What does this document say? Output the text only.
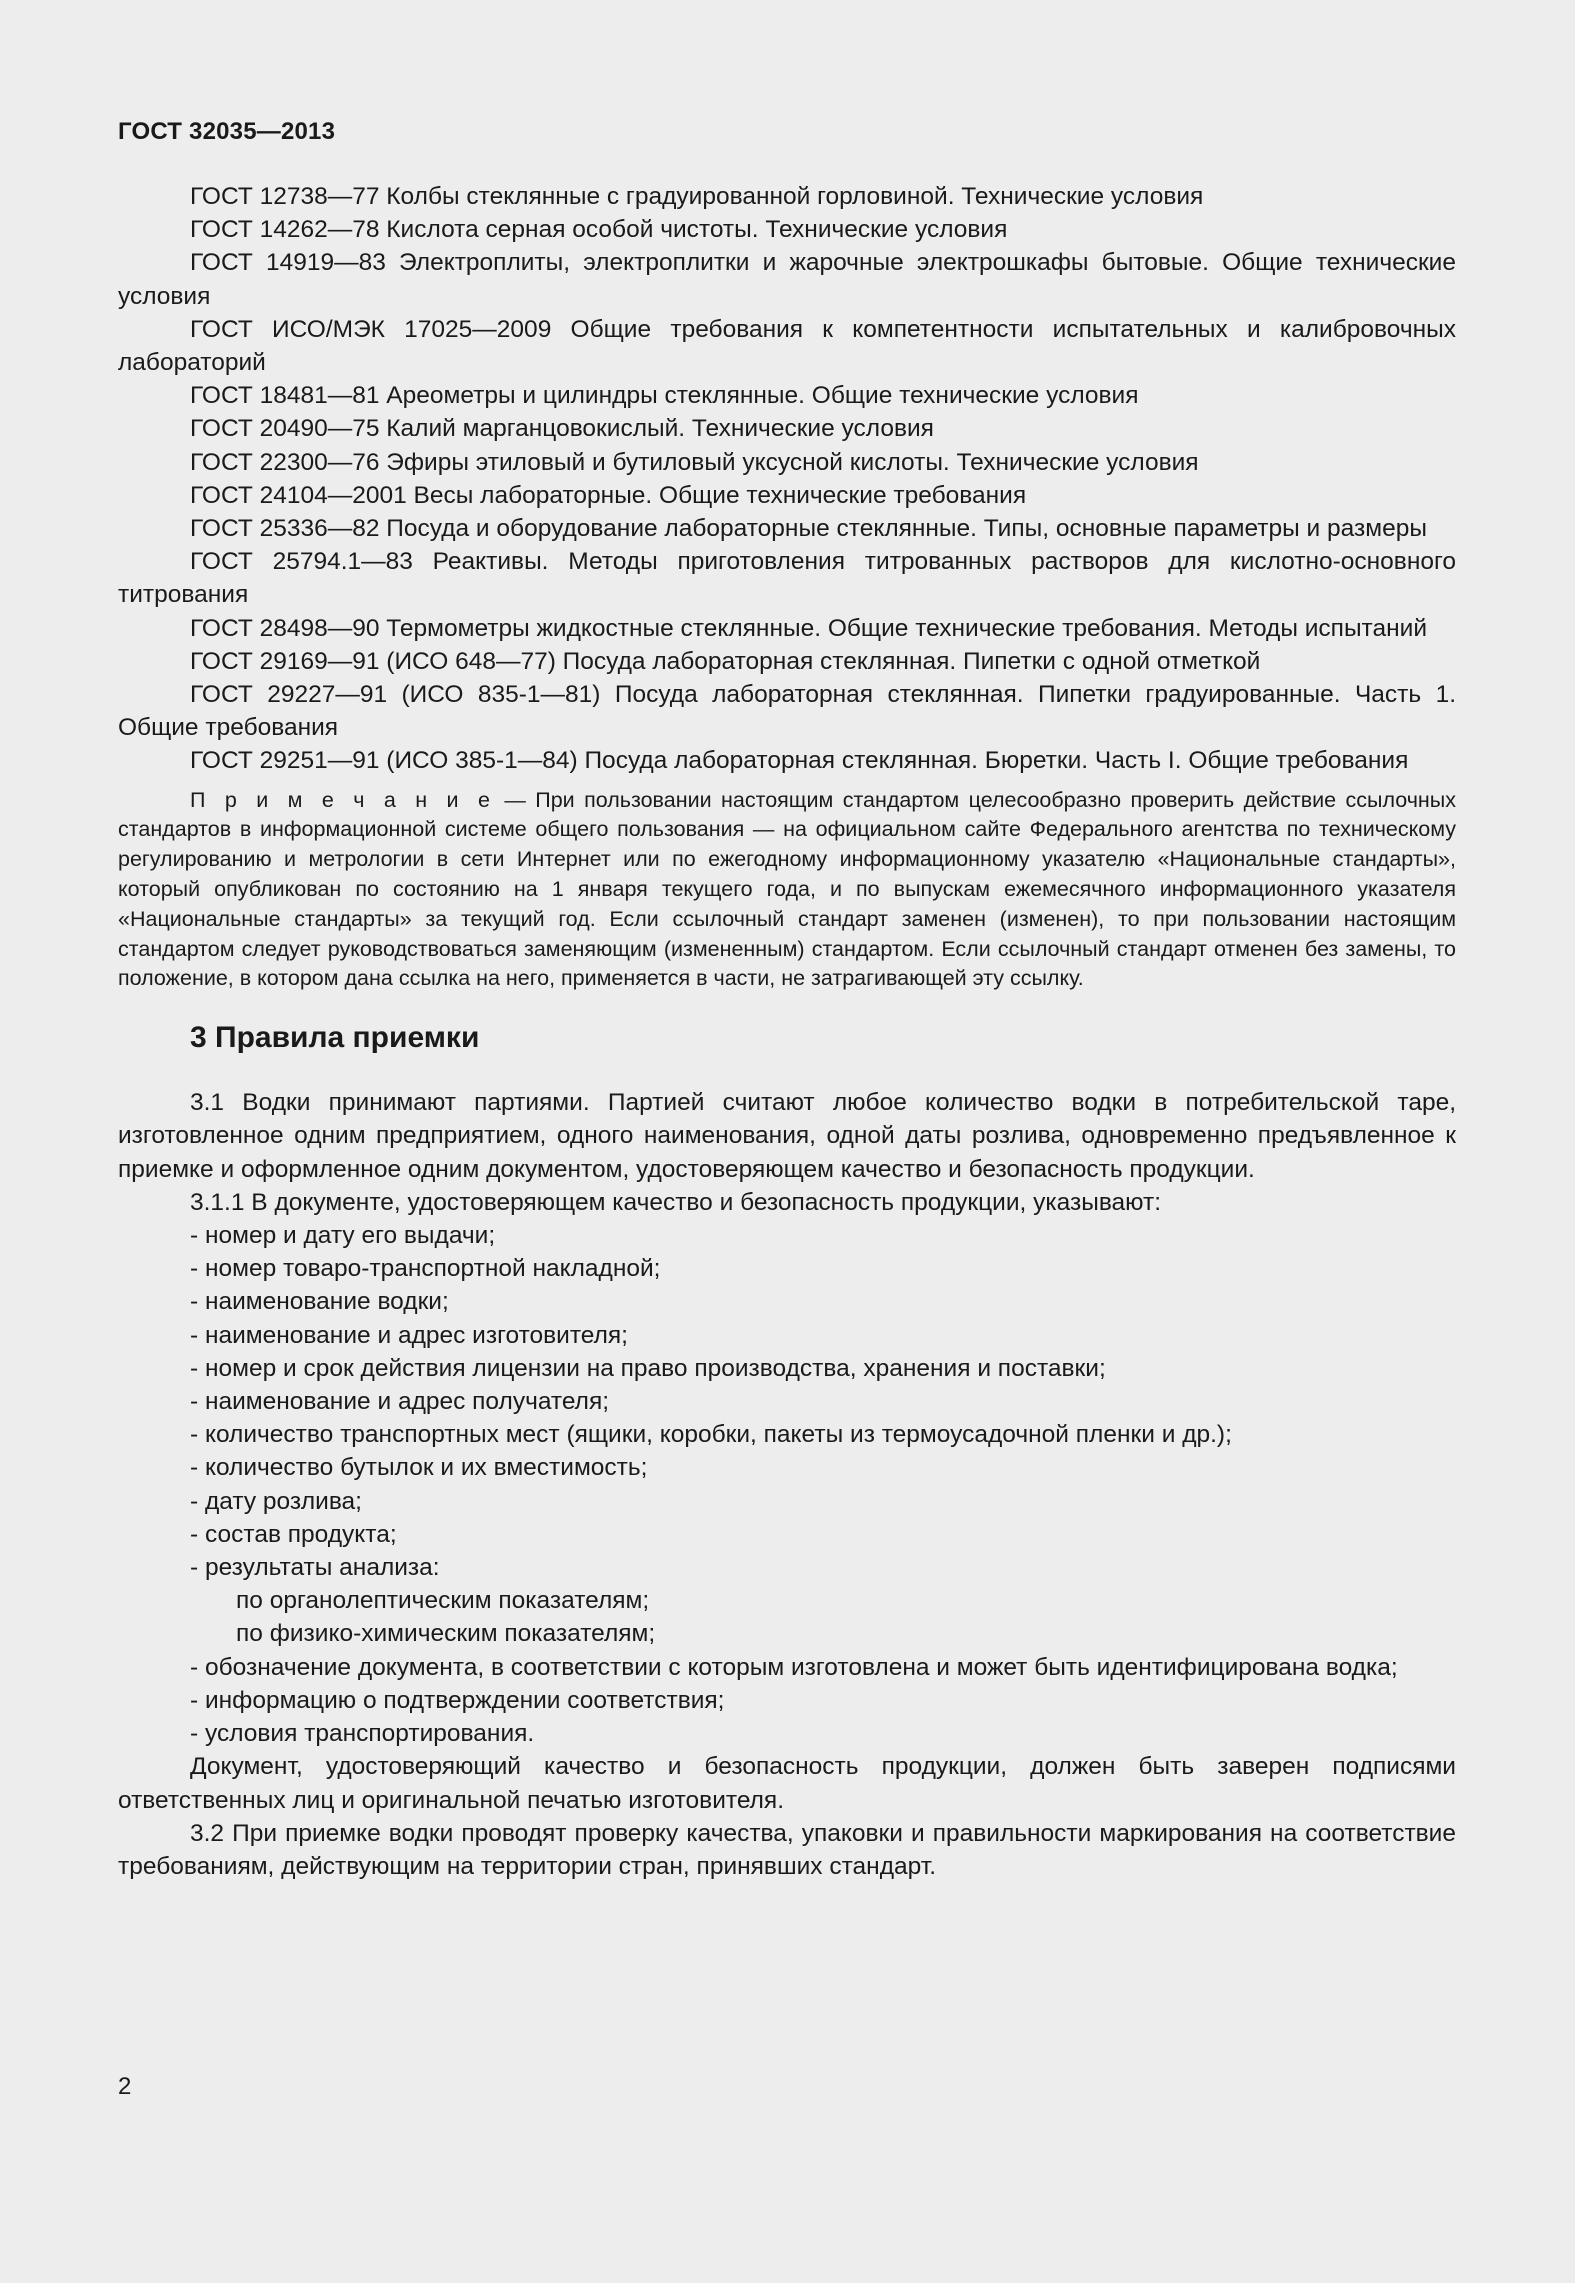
ГОСТ 32035—2013

ГОСТ 12738—77 Колбы стеклянные с градуированной горловиной. Технические условия

ГОСТ 14262—78 Кислота серная особой чистоты. Технические условия

ГОСТ 14919—83 Электроплиты, электроплитки и жарочные электрошкафы бытовые. Общие технические условия

ГОСТ ИСО/МЭК 17025—2009 Общие требования к компетентности испытательных и калибровочных лабораторий

ГОСТ 18481—81 Ареометры и цилиндры стеклянные. Общие технические условия

ГОСТ 20490—75 Калий марганцовокислый. Технические условия

ГОСТ 22300—76 Эфиры этиловый и бутиловый уксусной кислоты. Технические условия

ГОСТ 24104—2001 Весы лабораторные. Общие технические требования

ГОСТ 25336—82 Посуда и оборудование лабораторные стеклянные. Типы, основные параметры и размеры

ГОСТ 25794.1—83 Реактивы. Методы приготовления титрованных растворов для кислотно-основного титрования

ГОСТ 28498—90 Термометры жидкостные стеклянные. Общие технические требования. Методы испытаний

ГОСТ 29169—91 (ИСО 648—77) Посуда лабораторная стеклянная. Пипетки с одной отметкой

ГОСТ 29227—91 (ИСО 835-1—81) Посуда лабораторная стеклянная. Пипетки градуированные. Часть 1. Общие требования

ГОСТ 29251—91 (ИСО 385-1—84) Посуда лабораторная стеклянная. Бюретки. Часть I. Общие требования

П р и м е ч а н и е — При пользовании настоящим стандартом целесообразно проверить действие ссылочных стандартов в информационной системе общего пользования — на официальном сайте Федерального агентства по техническому регулированию и метрологии в сети Интернет или по ежегодному информационному указателю «Национальные стандарты», который опубликован по состоянию на 1 января текущего года, и по выпускам ежемесячного информационного указателя «Национальные стандарты» за текущий год. Если ссылочный стандарт заменен (изменен), то при пользовании настоящим стандартом следует руководствоваться заменяющим (измененным) стандартом. Если ссылочный стандарт отменен без замены, то положение, в котором дана ссылка на него, применяется в части, не затрагивающей эту ссылку.

3 Правила приемки

3.1 Водки принимают партиями. Партией считают любое количество водки в потребительской таре, изготовленное одним предприятием, одного наименования, одной даты розлива, одновременно предъявленное к приемке и оформленное одним документом, удостоверяющем качество и безопасность продукции.

3.1.1 В документе, удостоверяющем качество и безопасность продукции, указывают:

- номер и дату его выдачи;

- номер товаро-транспортной накладной;

- наименование водки;

- наименование и адрес изготовителя;

- номер и срок действия лицензии на право производства, хранения и поставки;

- наименование и адрес получателя;

- количество транспортных мест (ящики, коробки, пакеты из термоусадочной пленки и др.);

- количество бутылок и их вместимость;

- дату розлива;

- состав продукта;

- результаты анализа:

по органолептическим показателям;

по физико-химическим показателям;

- обозначение документа, в соответствии с которым изготовлена и может быть идентифицирована водка;

- информацию о подтверждении соответствия;

- условия транспортирования.

Документ, удостоверяющий качество и безопасность продукции, должен быть заверен подписями ответственных лиц и оригинальной печатью изготовителя.

3.2 При приемке водки проводят проверку качества, упаковки и правильности маркирования на соответствие требованиям, действующим на территории стран, принявших стандарт.

2
